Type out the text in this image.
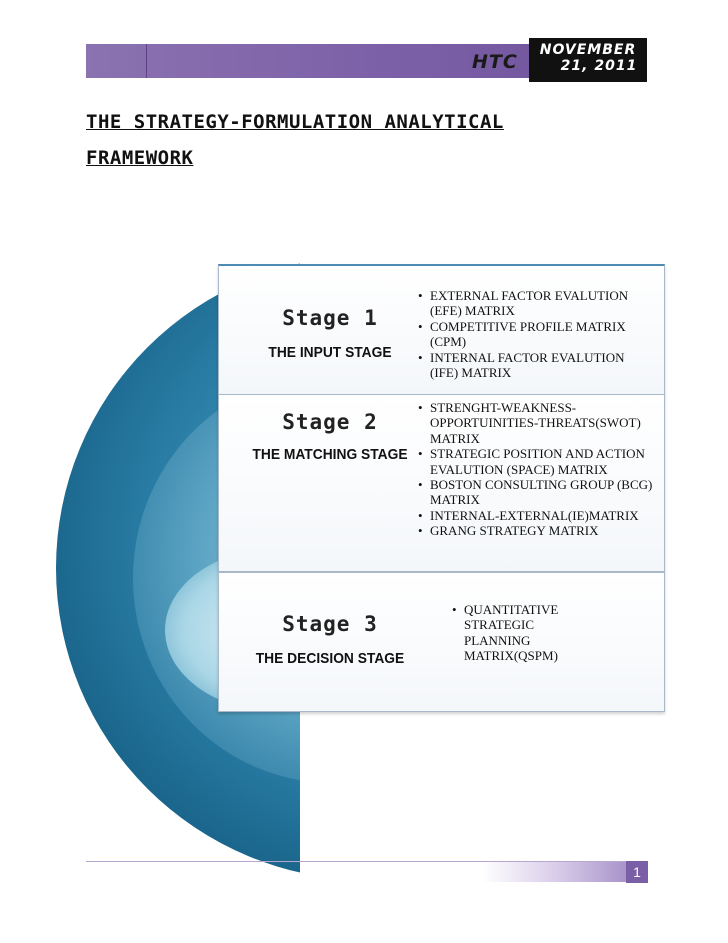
HTC
NOVEMBER
21, 2011
THE STRATEGY-FORMULATION ANALYTICAL FRAMEWORK
Stage 1
THE INPUT STAGE
• EXTERNAL FACTOR EVALUTION (EFE) MATRIX
• COMPETITIVE PROFILE MATRIX (CPM)
• INTERNAL FACTOR EVALUTION (IFE) MATRIX
Stage 2
THE MATCHING STAGE
• STRENGHT-WEAKNESS-OPPORTUINITIES-THREATS(SWOT) MATRIX
• STRATEGIC POSITION AND ACTION EVALUTION (SPACE) MATRIX
• BOSTON CONSULTING GROUP (BCG) MATRIX
• INTERNAL-EXTERNAL(IE)MATRIX
• GRANG STRATEGY MATRIX
Stage 3
THE DECISION STAGE
• QUANTITATIVE STRATEGIC PLANNING MATRIX(QSPM)
1
